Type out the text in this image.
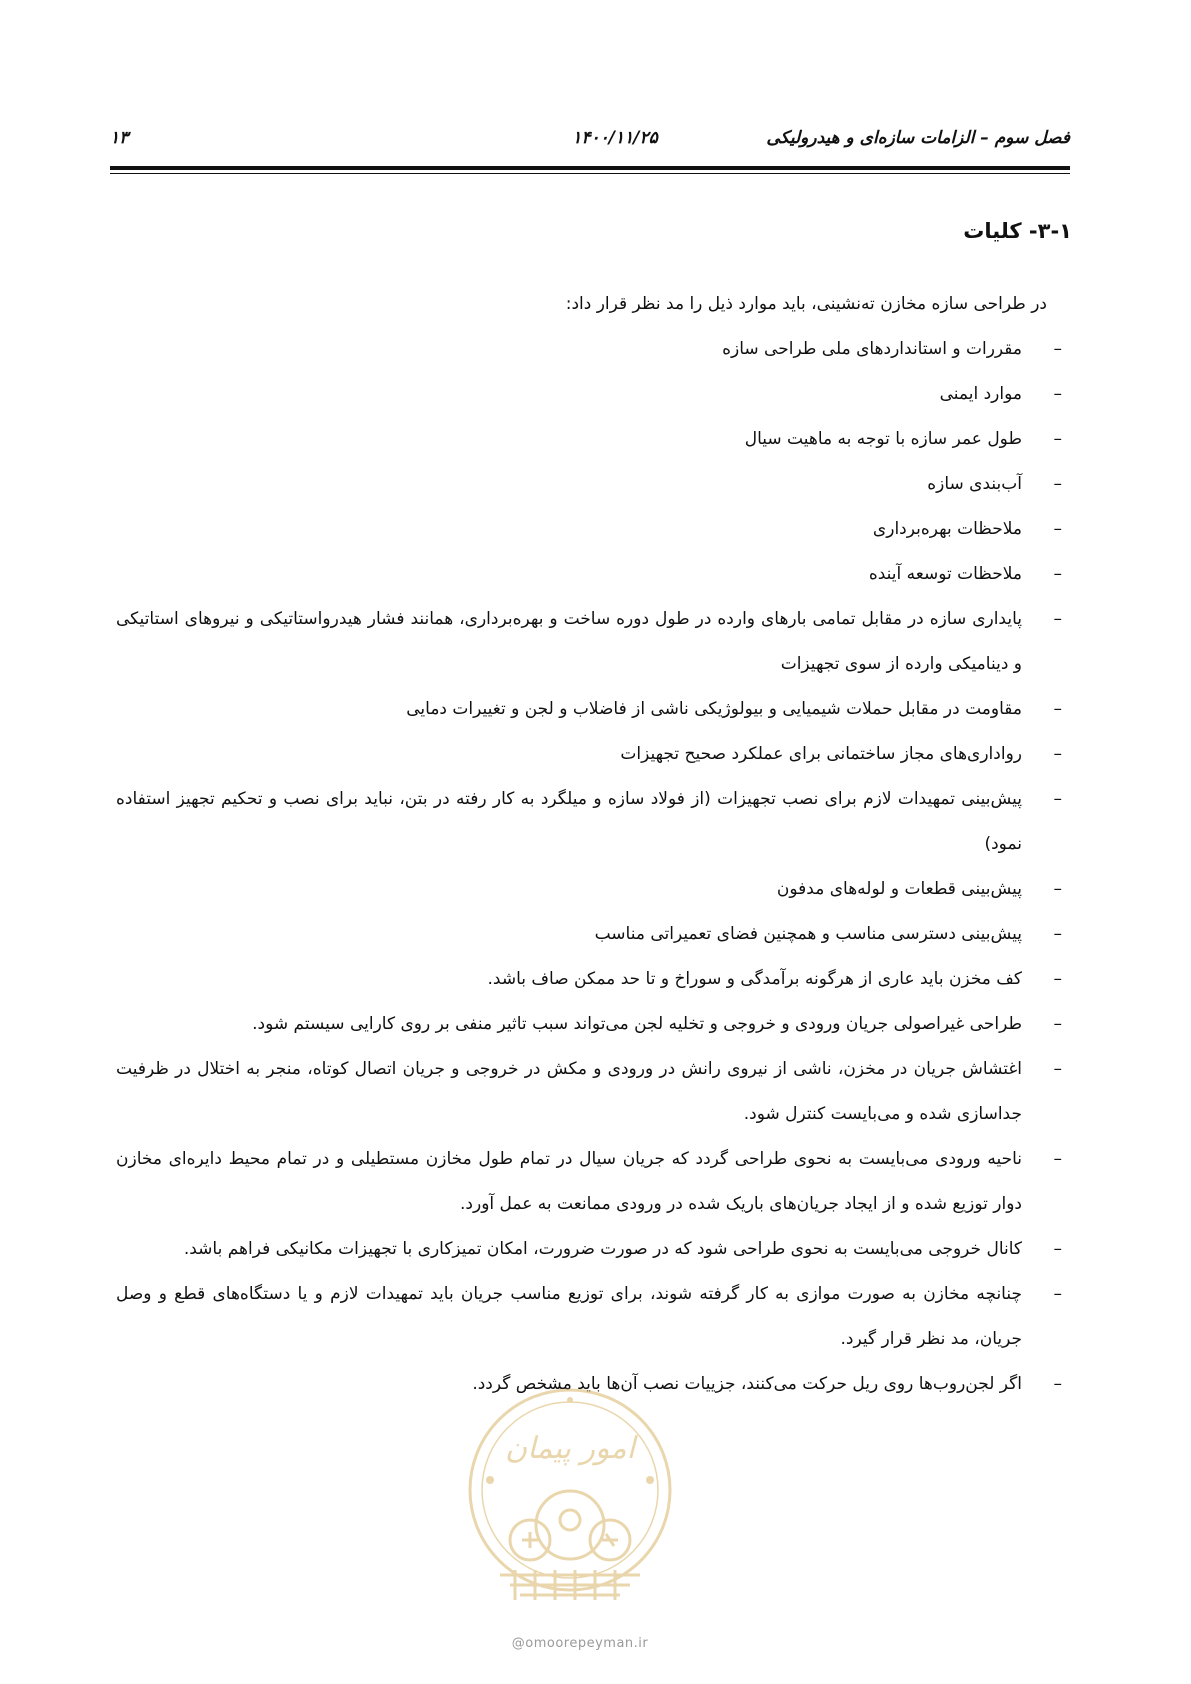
فصل سوم – الزامات سازه‌ای و هیدرولیکی
۱۴۰۰/۱۱/۲۵
۱۳
۳-۱- کلیات

در طراحی سازه مخازن ته‌نشینی، باید موارد ذیل را مد نظر قرار داد:

–
مقررات و استانداردهای ملی طراحی سازه
–
موارد ایمنی
–
طول عمر سازه با توجه به ماهیت سیال
–
آب‌بندی سازه
–
ملاحظات بهره‌برداری
–
ملاحظات توسعه آینده
–
پایداری سازه در مقابل تمامی بارهای وارده در طول دوره ساخت و بهره‌برداری، همانند فشار هیدرواستاتیکی و نیروهای استاتیکی و دینامیکی وارده از سوی تجهیزات
–
مقاومت در مقابل حملات شیمیایی و بیولوژیکی ناشی از فاضلاب و لجن و تغییرات دمایی
–
رواداری‌های مجاز ساختمانی برای عملکرد صحیح تجهیزات
–
پیش‌بینی تمهیدات لازم برای نصب تجهیزات (از فولاد سازه و میلگرد به کار رفته در بتن، نباید برای نصب و تحکیم تجهیز استفاده نمود)
–
پیش‌بینی قطعات و لوله‌های مدفون
–
پیش‌بینی دسترسی مناسب و همچنین فضای تعمیراتی مناسب
–
کف مخزن باید عاری از هرگونه برآمدگی و سوراخ و تا حد ممکن صاف باشد.
–
طراحی غیراصولی جریان ورودی و خروجی و تخلیه لجن می‌تواند سبب تاثیر منفی بر روی کارایی سیستم شود.
–
اغتشاش جریان در مخزن، ناشی از نیروی رانش در ورودی و مکش در خروجی و جریان اتصال کوتاه، منجر به اختلال در ظرفیت جداسازی شده و می‌بایست کنترل شود.
–
ناحیه ورودی می‌بایست به نحوی طراحی گردد که جریان سیال در تمام طول مخازن مستطیلی و در تمام محیط دایره‌ای مخازن دوار توزیع شده و از ایجاد جریان‌های باریک شده در ورودی ممانعت به عمل آورد.
–
کانال خروجی می‌بایست به نحوی طراحی شود که در صورت ضرورت، امکان تمیزکاری با تجهیزات مکانیکی فراهم باشد.
–
چنانچه مخازن به صورت موازی به کار گرفته شوند، برای توزیع مناسب جریان باید تمهیدات لازم و یا دستگاه‌های قطع و وصل جریان، مد نظر قرار گیرد.
–
اگر لجن‌روب‌ها روی ریل حرکت می‌کنند، جزییات نصب آن‌ها باید مشخص گردد.
امور پیمان
@omoorepeyman.ir
